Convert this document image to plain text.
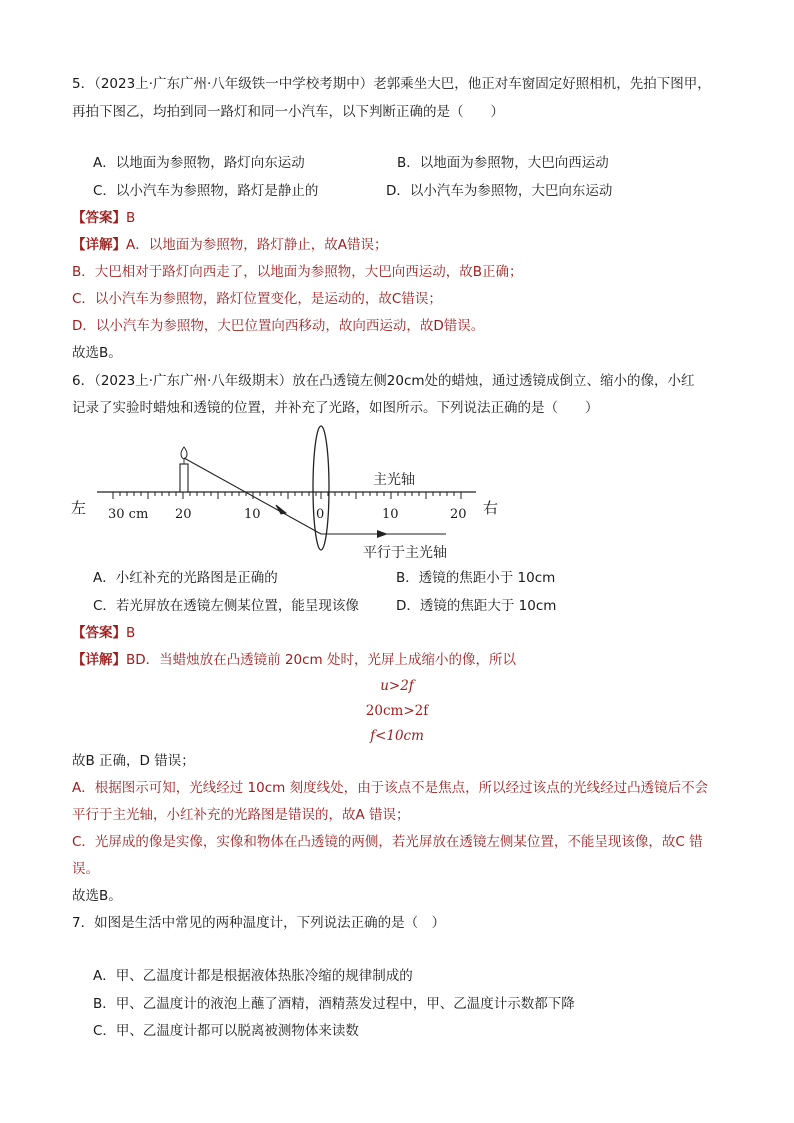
5．（2023上·广东广州·八年级铁一中学校考期中）老郭乘坐大巴，他正对车窗固定好照相机，先拍下图甲，
再拍下图乙，均拍到同一路灯和同一小汽车，以下判断正确的是（　　）
A．以地面为参照物，路灯向东运动	B．以地面为参照物，大巴向西运动
C．以小汽车为参照物，路灯是静止的	D．以小汽车为参照物，大巴向东运动
【答案】B
【详解】A．以地面为参照物，路灯静止，故A错误；
B．大巴相对于路灯向西走了，以地面为参照物，大巴向西运动，故B正确；
C．以小汽车为参照物，路灯位置变化，是运动的，故C错误；
D．以小汽车为参照物，大巴位置向西移动，故向西运动，故D错误。
故选B。
6．（2023上·广东广州·八年级期末）放在凸透镜左侧20cm处的蜡烛，通过透镜成倒立、缩小的像，小红
记录了实验时蜡烛和透镜的位置，并补充了光路，如图所示。下列说法正确的是（　　）
左	右
主光轴
平行于主光轴
30 cm 20	10	0	10	20
A．小红补充的光路图是正确的	B．透镜的焦距小于 10cm
C．若光屏放在透镜左侧某位置，能呈现该像	D．透镜的焦距大于 10cm
【答案】B
【详解】BD．当蜡烛放在凸透镜前 20cm 处时，光屏上成缩小的像，所以
u>2f
20cm>2f
f<10cm
故B 正确，D 错误；
A．根据图示可知，光线经过 10cm 刻度线处，由于该点不是焦点，所以经过该点的光线经过凸透镜后不会
平行于主光轴，小红补充的光路图是错误的，故A 错误；
C．光屏成的像是实像，实像和物体在凸透镜的两侧，若光屏放在透镜左侧某位置，不能呈现该像，故C 错
误。
故选B。
7．如图是生活中常见的两种温度计，下列说法正确的是（　）
A．甲、乙温度计都是根据液体热胀冷缩的规律制成的
B．甲、乙温度计的液泡上蘸了酒精，酒精蒸发过程中，甲、乙温度计示数都下降
C．甲、乙温度计都可以脱离被测物体来读数
